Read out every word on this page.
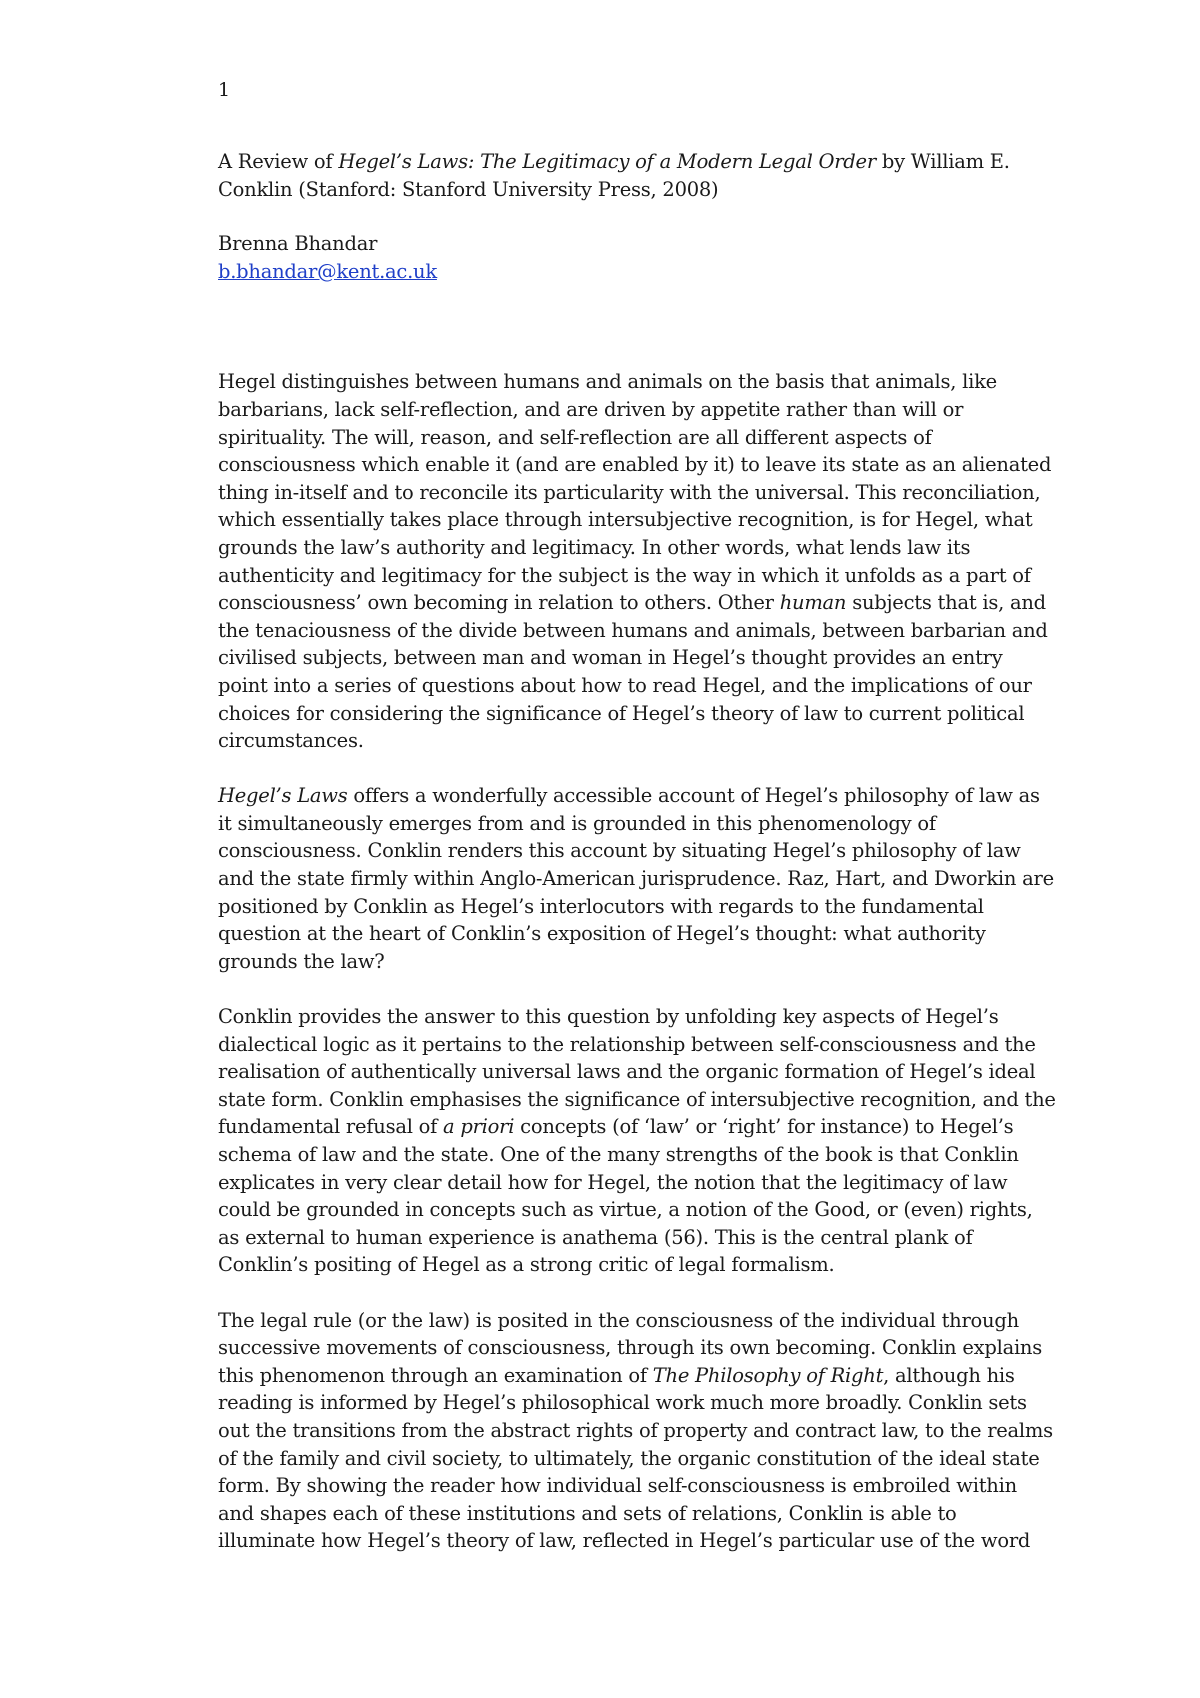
1

A Review of Hegel’s Laws: The Legitimacy of a Modern Legal Order by William E. Conklin (Stanford: Stanford University Press, 2008)

Brenna Bhandar

b.bhandar@kent.ac.uk

Hegel distinguishes between humans and animals on the basis that animals, like barbarians, lack self-reflection, and are driven by appetite rather than will or spirituality. The will, reason, and self-reflection are all different aspects of consciousness which enable it (and are enabled by it) to leave its state as an alienated thing in-itself and to reconcile its particularity with the universal. This reconciliation, which essentially takes place through intersubjective recognition, is for Hegel, what grounds the law’s authority and legitimacy. In other words, what lends law its authenticity and legitimacy for the subject is the way in which it unfolds as a part of consciousness’ own becoming in relation to others. Other human subjects that is, and the tenaciousness of the divide between humans and animals, between barbarian and civilised subjects, between man and woman in Hegel’s thought provides an entry point into a series of questions about how to read Hegel, and the implications of our choices for considering the significance of Hegel’s theory of law to current political circumstances.

Hegel’s Laws offers a wonderfully accessible account of Hegel’s philosophy of law as it simultaneously emerges from and is grounded in this phenomenology of consciousness. Conklin renders this account by situating Hegel’s philosophy of law and the state firmly within Anglo-American jurisprudence. Raz, Hart, and Dworkin are positioned by Conklin as Hegel’s interlocutors with regards to the fundamental question at the heart of Conklin’s exposition of Hegel’s thought: what authority grounds the law?

Conklin provides the answer to this question by unfolding key aspects of Hegel’s dialectical logic as it pertains to the relationship between self-consciousness and the realisation of authentically universal laws and the organic formation of Hegel’s ideal state form. Conklin emphasises the significance of intersubjective recognition, and the fundamental refusal of a priori concepts (of ‘law’ or ‘right’ for instance) to Hegel’s schema of law and the state. One of the many strengths of the book is that Conklin explicates in very clear detail how for Hegel, the notion that the legitimacy of law could be grounded in concepts such as virtue, a notion of the Good, or (even) rights, as external to human experience is anathema (56). This is the central plank of Conklin’s positing of Hegel as a strong critic of legal formalism.

The legal rule (or the law) is posited in the consciousness of the individual through successive movements of consciousness, through its own becoming. Conklin explains this phenomenon through an examination of The Philosophy of Right, although his reading is informed by Hegel’s philosophical work much more broadly. Conklin sets out the transitions from the abstract rights of property and contract law, to the realms of the family and civil society, to ultimately, the organic constitution of the ideal state form. By showing the reader how individual self-consciousness is embroiled within and shapes each of these institutions and sets of relations, Conklin is able to illuminate how Hegel’s theory of law, reflected in Hegel’s particular use of the word
